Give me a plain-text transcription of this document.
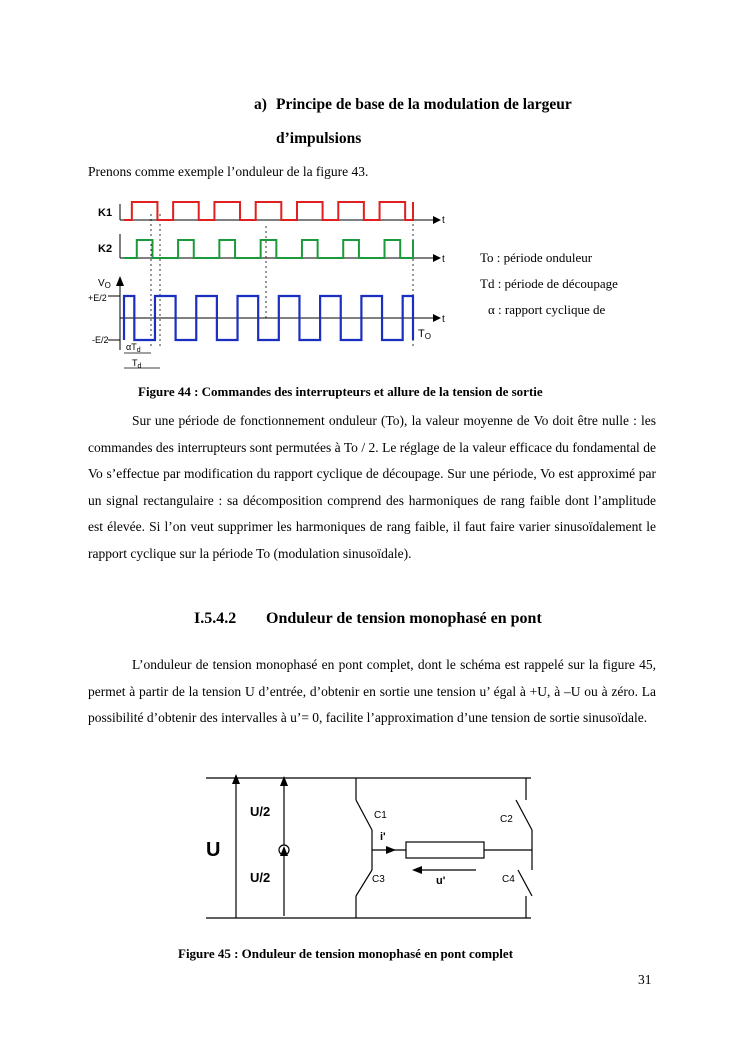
a) Principe de base de la modulation de largeur
d’impulsions
Prenons comme exemple l’onduleur de la figure 43.
K1
K2
$V_O$
+E/2
-E/2
t
t
t
TO
$\alpha T_d$
$T_d$
To : période onduleur
Td : période de découpage
α : rapport cyclique de
Figure 44 : Commandes des interrupteurs et allure de la tension de sortie

Sur une période de fonctionnement onduleur (To), la valeur moyenne de Vo doit être nulle : les commandes des interrupteurs sont permutées à To / 2. Le réglage de la valeur efficace du fondamental de Vo s’effectue par modification du rapport cyclique de découpage. Sur une période, Vo est approximé par un signal rectangulaire : sa décomposition comprend des harmoniques de rang faible dont l’amplitude est élevée. Si l’on veut supprimer les harmoniques de rang faible, il faut faire varier sinusoïdalement le rapport cyclique sur la période To (modulation sinusoïdale).

I.5.4.2 Onduleur de tension monophasé en pont

L’onduleur de tension monophasé en pont complet, dont le schéma est rappelé sur la figure 45, permet à partir de la tension U d’entrée, d’obtenir en sortie une tension u’ égal à +U, à –U ou à zéro. La possibilité d’obtenir des intervalles à u’= 0, facilite l’approximation d’une tension de sortie sinusoïdale.

U
U/2
U/2
C1	C2
C3	C4
i'
u'
Figure 45 : Onduleur de tension monophasé en pont complet
31
